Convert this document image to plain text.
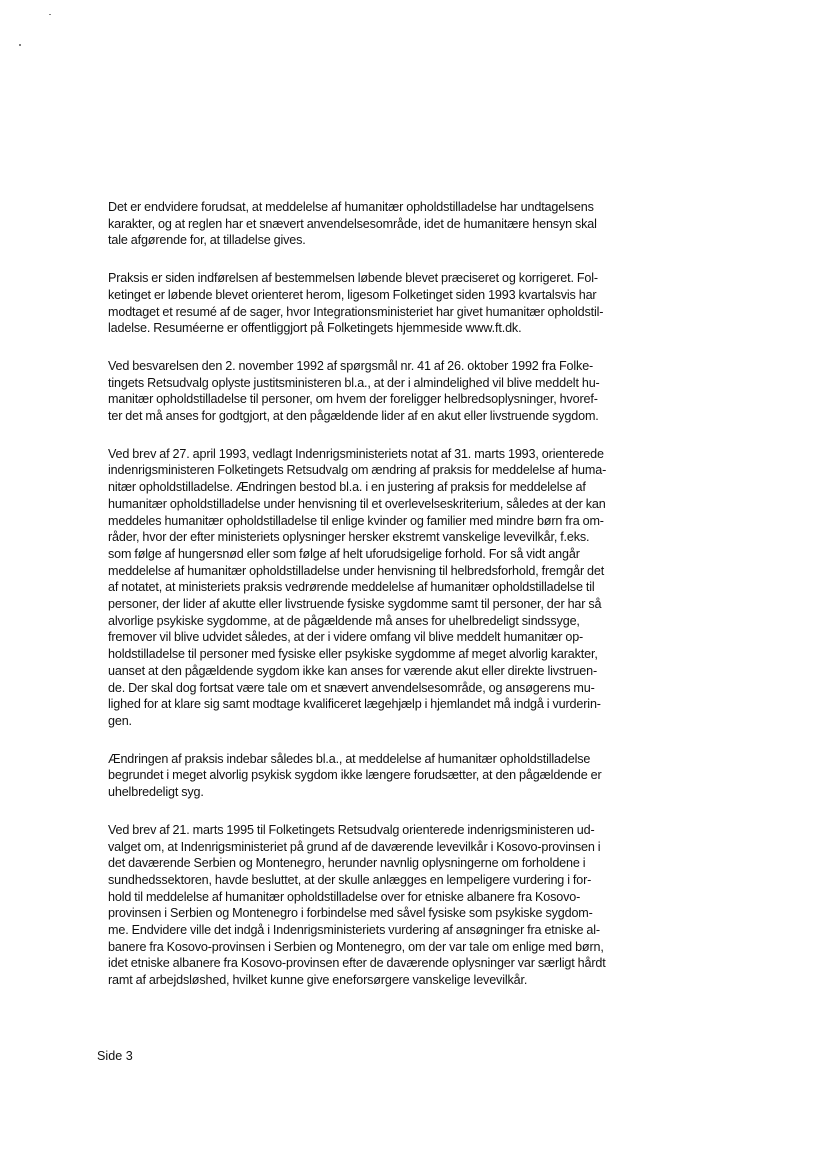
Det er endvidere forudsat, at meddelelse af humanitær opholdstilladelse har undtagelsens
karakter, og at reglen har et snævert anvendelsesområde, idet de humanitære hensyn skal
tale afgørende for, at tilladelse gives.

Praksis er siden indførelsen af bestemmelsen løbende blevet præciseret og korrigeret. Fol-
ketinget er løbende blevet orienteret herom, ligesom Folketinget siden 1993 kvartalsvis har
modtaget et resumé af de sager, hvor Integrationsministeriet har givet humanitær opholdstil-
ladelse. Resuméerne er offentliggjort på Folketingets hjemmeside www.ft.dk.

Ved besvarelsen den 2. november 1992 af spørgsmål nr. 41 af 26. oktober 1992 fra Folke-
tingets Retsudvalg oplyste justitsministeren bl.a., at der i almindelighed vil blive meddelt hu-
manitær opholdstilladelse til personer, om hvem der foreligger helbredsoplysninger, hvoref-
ter det må anses for godtgjort, at den pågældende lider af en akut eller livstruende sygdom.

Ved brev af 27. april 1993, vedlagt Indenrigsministeriets notat af 31. marts 1993, orienterede
indenrigsministeren Folketingets Retsudvalg om ændring af praksis for meddelelse af huma-
nitær opholdstilladelse. Ændringen bestod bl.a. i en justering af praksis for meddelelse af
humanitær opholdstilladelse under henvisning til et overlevelseskriterium, således at der kan
meddeles humanitær opholdstilladelse til enlige kvinder og familier med mindre børn fra om-
råder, hvor der efter ministeriets oplysninger hersker ekstremt vanskelige levevilkår, f.eks.
som følge af hungersnød eller som følge af helt uforudsigelige forhold. For så vidt angår
meddelelse af humanitær opholdstilladelse under henvisning til helbredsforhold, fremgår det
af notatet, at ministeriets praksis vedrørende meddelelse af humanitær opholdstilladelse til
personer, der lider af akutte eller livstruende fysiske sygdomme samt til personer, der har så
alvorlige psykiske sygdomme, at de pågældende må anses for uhelbredeligt sindssyge,
fremover vil blive udvidet således, at der i videre omfang vil blive meddelt humanitær op-
holdstilladelse til personer med fysiske eller psykiske sygdomme af meget alvorlig karakter,
uanset at den pågældende sygdom ikke kan anses for værende akut eller direkte livstruen-
de. Der skal dog fortsat være tale om et snævert anvendelsesområde, og ansøgerens mu-
lighed for at klare sig samt modtage kvalificeret lægehjælp i hjemlandet må indgå i vurderin-
gen.

Ændringen af praksis indebar således bl.a., at meddelelse af humanitær opholdstilladelse
begrundet i meget alvorlig psykisk sygdom ikke længere forudsætter, at den pågældende er
uhelbredeligt syg.

Ved brev af 21. marts 1995 til Folketingets Retsudvalg orienterede indenrigsministeren ud-
valget om, at Indenrigsministeriet på grund af de daværende levevilkår i Kosovo-provinsen i
det daværende Serbien og Montenegro, herunder navnlig oplysningerne om forholdene i
sundhedssektoren, havde besluttet, at der skulle anlægges en lempeligere vurdering i for-
hold til meddelelse af humanitær opholdstilladelse over for etniske albanere fra Kosovo-
provinsen i Serbien og Montenegro i forbindelse med såvel fysiske som psykiske sygdom-
me. Endvidere ville det indgå i Indenrigsministeriets vurdering af ansøgninger fra etniske al-
banere fra Kosovo-provinsen i Serbien og Montenegro, om der var tale om enlige med børn,
idet etniske albanere fra Kosovo-provinsen efter de daværende oplysninger var særligt hårdt
ramt af arbejdsløshed, hvilket kunne give eneforsørgere vanskelige levevilkår.

Side 3
